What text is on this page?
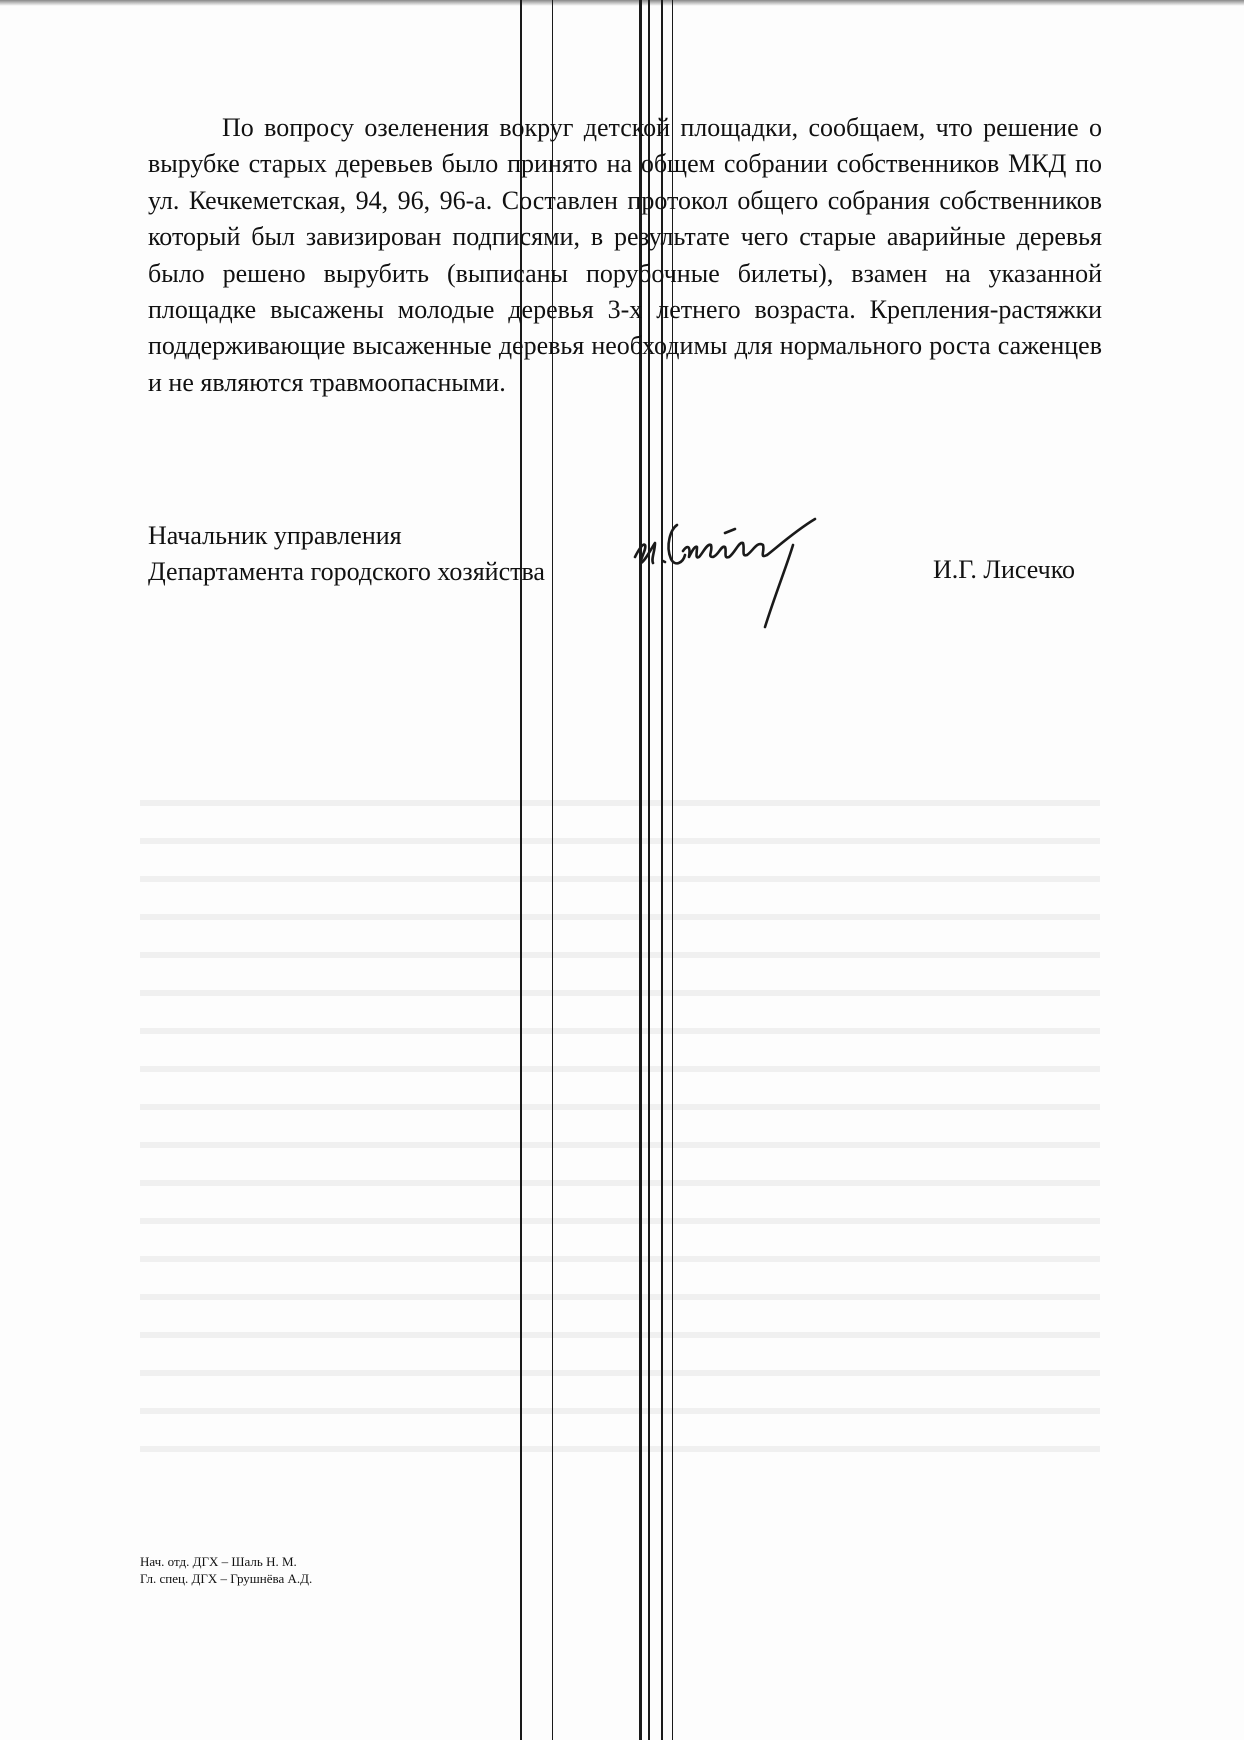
По вопросу озеленения вокруг детской площадки, сообщаем, что решение о вырубке старых деревьев было принято на общем собрании собственников МКД по ул. Кечкеметская, 94, 96, 96-а. Составлен протокол общего собрания собственников который был завизирован подписями, в результате чего старые аварийные деревья было решено вырубить (выписаны порубочные билеты), взамен на указанной площадке высажены молодые деревья 3-х летнего возраста. Крепления-растяжки поддерживающие высаженные деревья необходимы для нормального роста саженцев и не являются травмоопасными.

Начальник управления
Департамента городского хозяйства	И.Г. Лисечко
Нач. отд. ДГХ – Шаль Н. М.
Гл. спец. ДГХ – Грушнёва А.Д.
